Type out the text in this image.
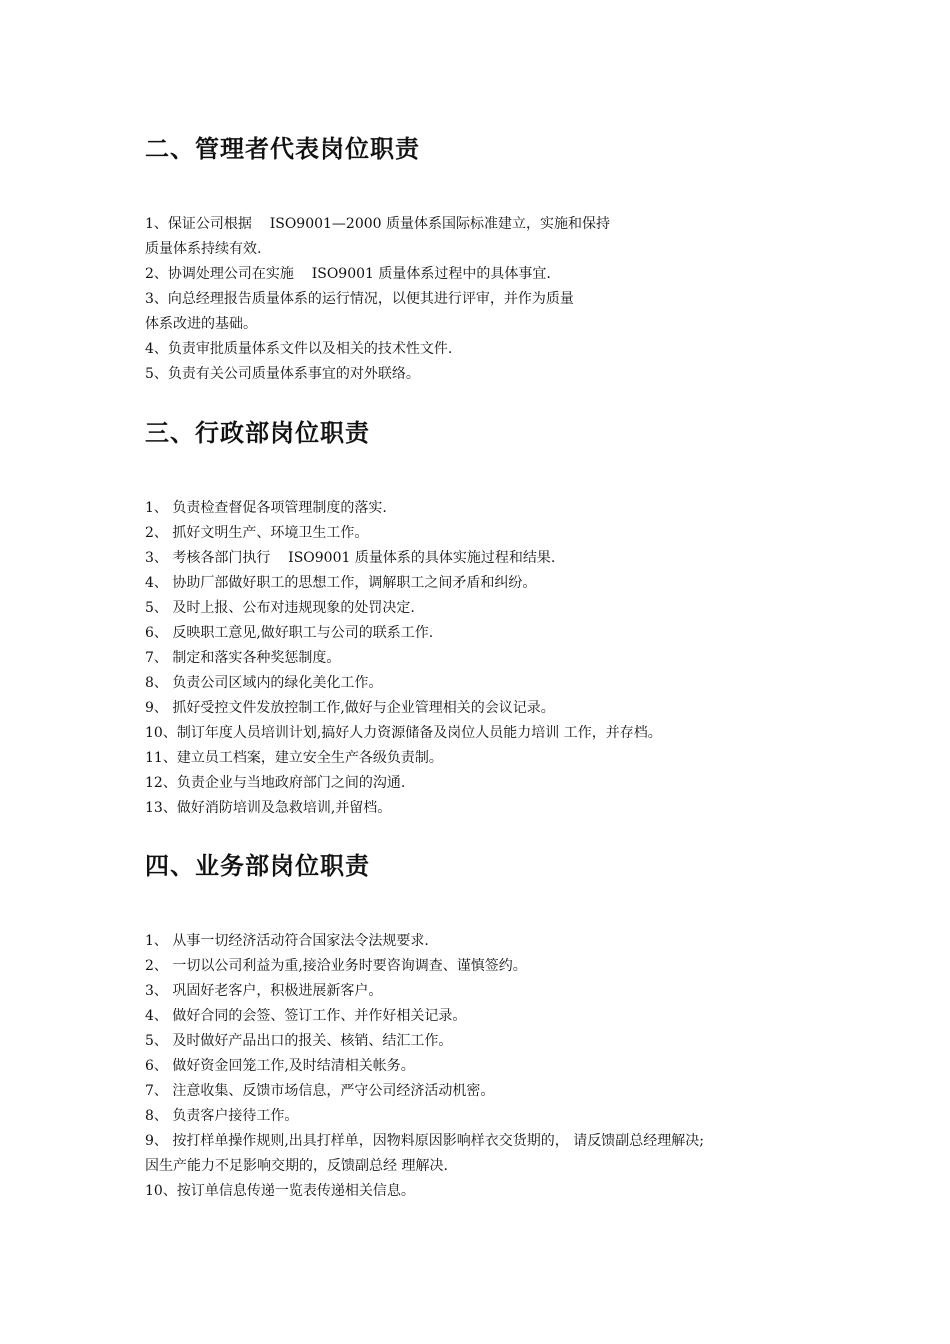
二、管理者代表岗位职责
1、保证公司根据    ISO9001—2000 质量体系国际标准建立，实施和保持
质量体系持续有效.
2、协调处理公司在实施    ISO9001 质量体系过程中的具体事宜.
3、向总经理报告质量体系的运行情况，以便其进行评审，并作为质量
体系改进的基础。
4、负责审批质量体系文件以及相关的技术性文件.
5、负责有关公司质量体系事宜的对外联络。
三、行政部岗位职责
1、 负责检查督促各项管理制度的落实.
2、 抓好文明生产、环境卫生工作。
3、 考核各部门执行    ISO9001 质量体系的具体实施过程和结果.
4、 协助厂部做好职工的思想工作，调解职工之间矛盾和纠纷。
5、 及时上报、公布对违规现象的处罚决定.
6、 反映职工意见,做好职工与公司的联系工作.
7、 制定和落实各种奖惩制度。
8、 负责公司区域内的绿化美化工作。
9、 抓好受控文件发放控制工作,做好与企业管理相关的会议记录。
10、制订年度人员培训计划,搞好人力资源储备及岗位人员能力培训 工作，并存档。
11、建立员工档案，建立安全生产各级负责制。
12、负责企业与当地政府部门之间的沟通.
13、做好消防培训及急救培训,并留档。
四、业务部岗位职责
1、 从事一切经济活动符合国家法令法规要求.
2、 一切以公司利益为重,接洽业务时要咨询调查、谨慎签约。
3、 巩固好老客户，积极进展新客户。
4、 做好合同的会签、签订工作、并作好相关记录。
5、 及时做好产品出口的报关、核销、结汇工作。
6、 做好资金回笼工作,及时结清相关帐务。
7、 注意收集、反馈市场信息，严守公司经济活动机密。
8、 负责客户接待工作。
9、 按打样单操作规则,出具打样单，因物料原因影响样衣交货期的， 请反馈副总经理解决;
因生产能力不足影响交期的，反馈副总经 理解决.
10、按订单信息传递一览表传递相关信息。
